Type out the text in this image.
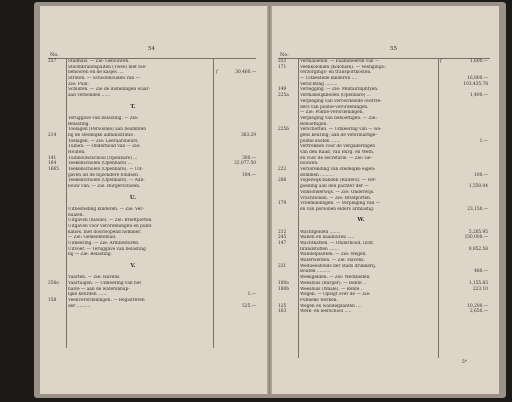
54
No.
257	Stadhuis. — Zie: Gebouwen.
Stoombrandspuiten (Twee) met toe-
behooren en de kasjes ....	f	30,460.—
Straten. — Schoonhouden van —
Zie: Puin.
Schuiten. — Zie de instellingen waar-
aan verbonden ......
T.
Teruggave van belasting. — Zie:
Belasting.
Toelagen (Persoonle) aan beambten
214	bij de stedelijke administratie .	363.29
Toelagen. — Zie: Leeraarsbeurs.
Tuinen. — Onderhoud van — Zie:
Houten.
141	Tuinbouwsschool (Openbare) ...	300.—
164	Teekenscholen (Openbare) ...	32,077.50
1665	Teekenscholen (Openbare). — Uit-
gaven uit de bijzondere fondsen .	184.—
Teekenscholen (Openbare). — Aan-
bouw van. — Zie: Burgerscholen.
U.
Uitbesteding kinderen. — Zie: Ver-
huizen.
Uitgaven (Kleine). — Zie: Brieftporten.
Uitgaven voor verordeningen en publi-
katies, met doorloopend nommer.
— Zie: Gemeenteblad.
Uitkeering. — Zie: Armbesturen.
Uitvoer. — Teruggave van belasting
bij — Zie: Belasting.
V.
Vaarten. — Zie: Havens.
256o	Vaartuigen. — Uitkeering van het
halve — aan de watersnbap-
lijke keurden .......	1.—
158	Veenverordeningen. — Registreren
der ..........	525.—
55
No.
253	Vermaliedon. — Examineeren van —	f	1,600.—
171	Veenkoloniën (Koloniën). — Vestigings-,
verzorgings- en transportkosten.
— Uitbestede kinderen ....	16,800.—
Verlichting .........	103,435.78
149	Verlegging. — Zie: Militairdiphtyen.
225a	Vermakelijkheden (Openbare) ...	1,400.—
Verpleging van veroordeelde overtre-
ders van politie-verordeningen.
— Zie: Politie-verordeningen.
Verpleging van behoeftigen. — Zie:
Behoeftigen.
225b	Verschotten. — Uitkeering van — wo-
gens keuring; aan de veterinärhge-
politie kosten .......	1.—
Vertrekken voor de vergaderingen
van den Raad, van Burg. en Weth.
en voor de secretarie. — Zie: Ge-
bouwen.
222	Verzorending van stedelijke eigen-
dommen ..........	100.—
288	Vogelwijk-banden (Ruiters). — Ver-
goeding aan den pachter der —	1,550.04
Volksonderwijs. — Zie: Onderwijs.
Vrachtlonen. — Zie: Briefporten.
179	Vreemdelingen. — Verpleging van —
en van personen elders armlastig.	23,150.—
W.
212	Wachtgelden ........	5,265.95
245	Wallen en kaaimuren .....	150,000.—
147	Wachtkatten. — Onderhoud, licht,
brandstoffen .......	8,852.58
Wandelplanten. — Zie: Wegen.
Waterwerken. — Zie: Havens.
231	Wedueeafonds der stads drukkerij.
Bouten ..........	480.—
Weekgelden. — Zie: Werklieden.
180a	Weesbuis (Burger). — Rente ..	1,155.83
180b	Weesbuis (Waale). — Rente ..	223.10
Wegen. — Opzigt over de — Zie:
Publieke werken.
125	Wegen en wandelplanten ....	10,200.—
163	Werk- en leerschool .....	2,650.—
5*
